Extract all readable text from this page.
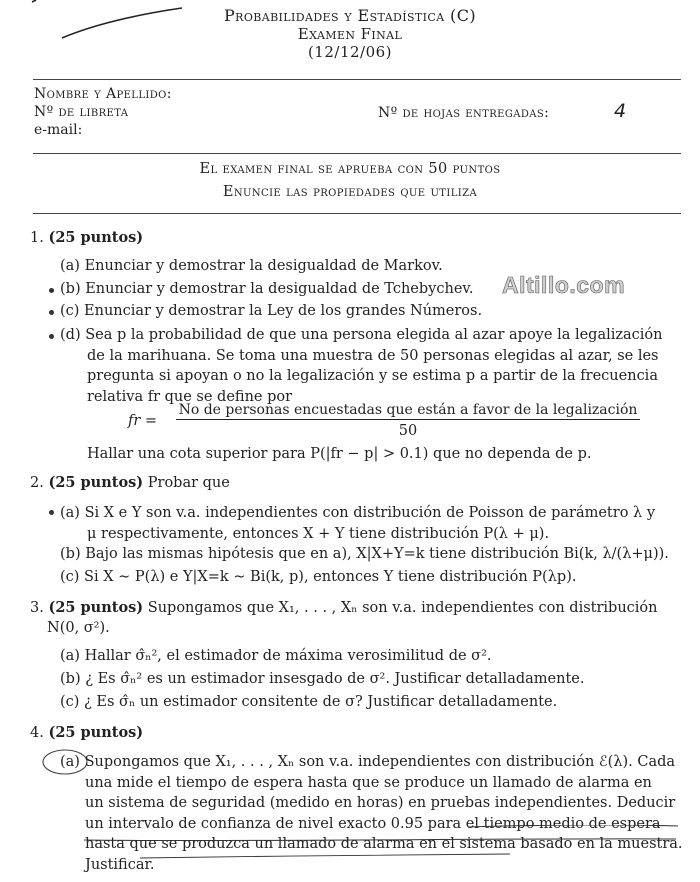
Probabilidades y Estadística (C)
Examen Final
(12/12/06)
Nombre y Apellido:
Nº de libreta
e-mail:
Nº de hojas entregadas:	4
El examen final se aprueba con 50 puntos
Enuncie las propiedades que utiliza
1. (25 puntos)
(a) Enunciar y demostrar la desigualdad de Markov.
(b) Enunciar y demostrar la desigualdad de Tchebychev.
(c) Enunciar y demostrar la Ley de los grandes Números.
Altillo.com
(d) Sea p la probabilidad de que una persona elegida al azar apoye la legalización
de la marihuana. Se toma una muestra de 50 personas elegidas al azar, se les
pregunta si apoyan o no la legalización y se estima p a partir de la frecuencia
relativa fr que se define por
fr =
No de personas encuestadas que están a favor de la legalización
50
Hallar una cota superior para P(|fr − p| > 0.1) que no dependa de p.
2. (25 puntos) Probar que
(a) Si X e Y son v.a. independientes con distribución de Poisson de parámetro λ y
μ respectivamente, entonces X + Y tiene distribución P(λ + μ).
(b) Bajo las mismas hipótesis que en a), X|X+Y=k tiene distribución Bi(k, λ/(λ+μ)).
(c) Si X ∼ P(λ) e Y|X=k ∼ Bi(k, p), entonces Y tiene distribución P(λp).
3. (25 puntos) Supongamos que X₁, . . . , Xₙ son v.a. independientes con distribución
N(0, σ²).
(a) Hallar σ̂ₙ², el estimador de máxima verosimilitud de σ².
(b) ¿ Es σ̂ₙ² es un estimador insesgado de σ². Justificar detalladamente.
(c) ¿ Es σ̂ₙ un estimador consitente de σ? Justificar detalladamente.
4. (25 puntos)
(a) Supongamos que X₁, . . . , Xₙ son v.a. independientes con distribución ℰ(λ). Cada
una mide el tiempo de espera hasta que se produce un llamado de alarma en
un sistema de seguridad (medido en horas) en pruebas independientes. Deducir
un intervalo de confianza de nivel exacto 0.95 para el tiempo medio de espera
hasta que se produzca un llamado de alarma en el sistema basado en la muestra.
Justificar.
